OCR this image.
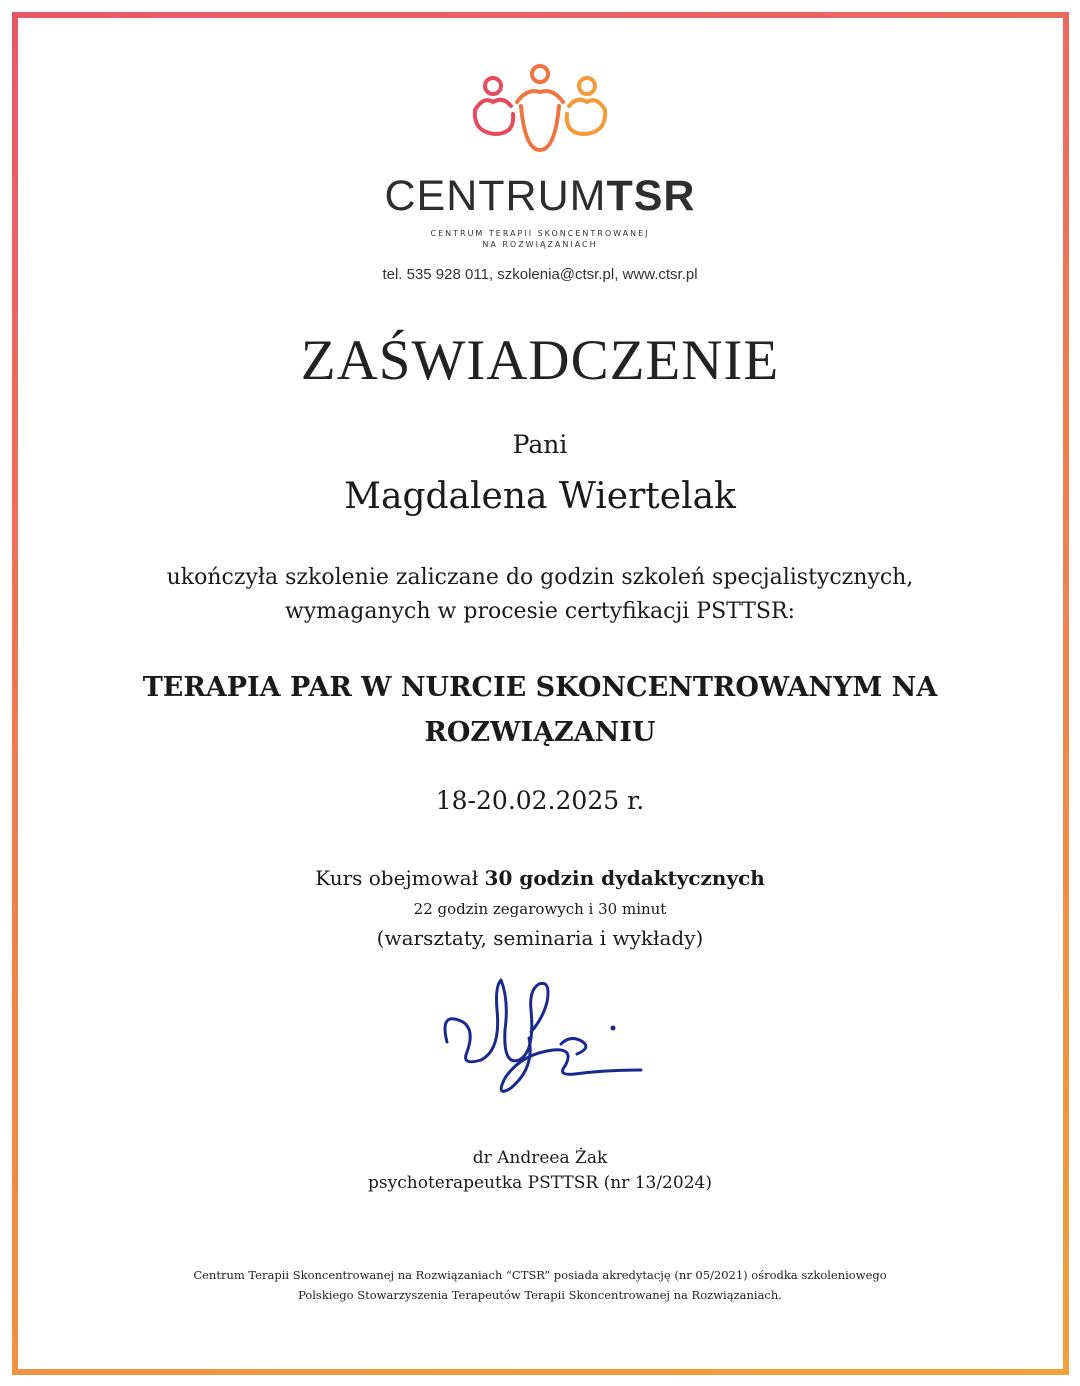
CENTRUMTSR
CENTRUM TERAPII SKONCENTROWANEJ
NA ROZWIĄZANIACH
tel. 535 928 011, szkolenia@ctsr.pl, www.ctsr.pl
ZAŚWIADCZENIE
Pani
Magdalena Wiertelak
ukończyła szkolenie zaliczane do godzin szkoleń specjalistycznych,
wymaganych w procesie certyfikacji PSTTSR:
TERAPIA PAR W NURCIE SKONCENTROWANYM NA
ROZWIĄZANIU
18-20.02.2025 r.
Kurs obejmował 30 godzin dydaktycznych
22 godzin zegarowych i 30 minut
(warsztaty, seminaria i wykłady)
dr Andreea Żak
psychoterapeutka PSTTSR (nr 13/2024)
Centrum Terapii Skoncentrowanej na Rozwiązaniach “CTSR” posiada akredytację (nr 05/2021) ośrodka szkoleniowego
Polskiego Stowarzyszenia Terapeutów Terapii Skoncentrowanej na Rozwiązaniach.
